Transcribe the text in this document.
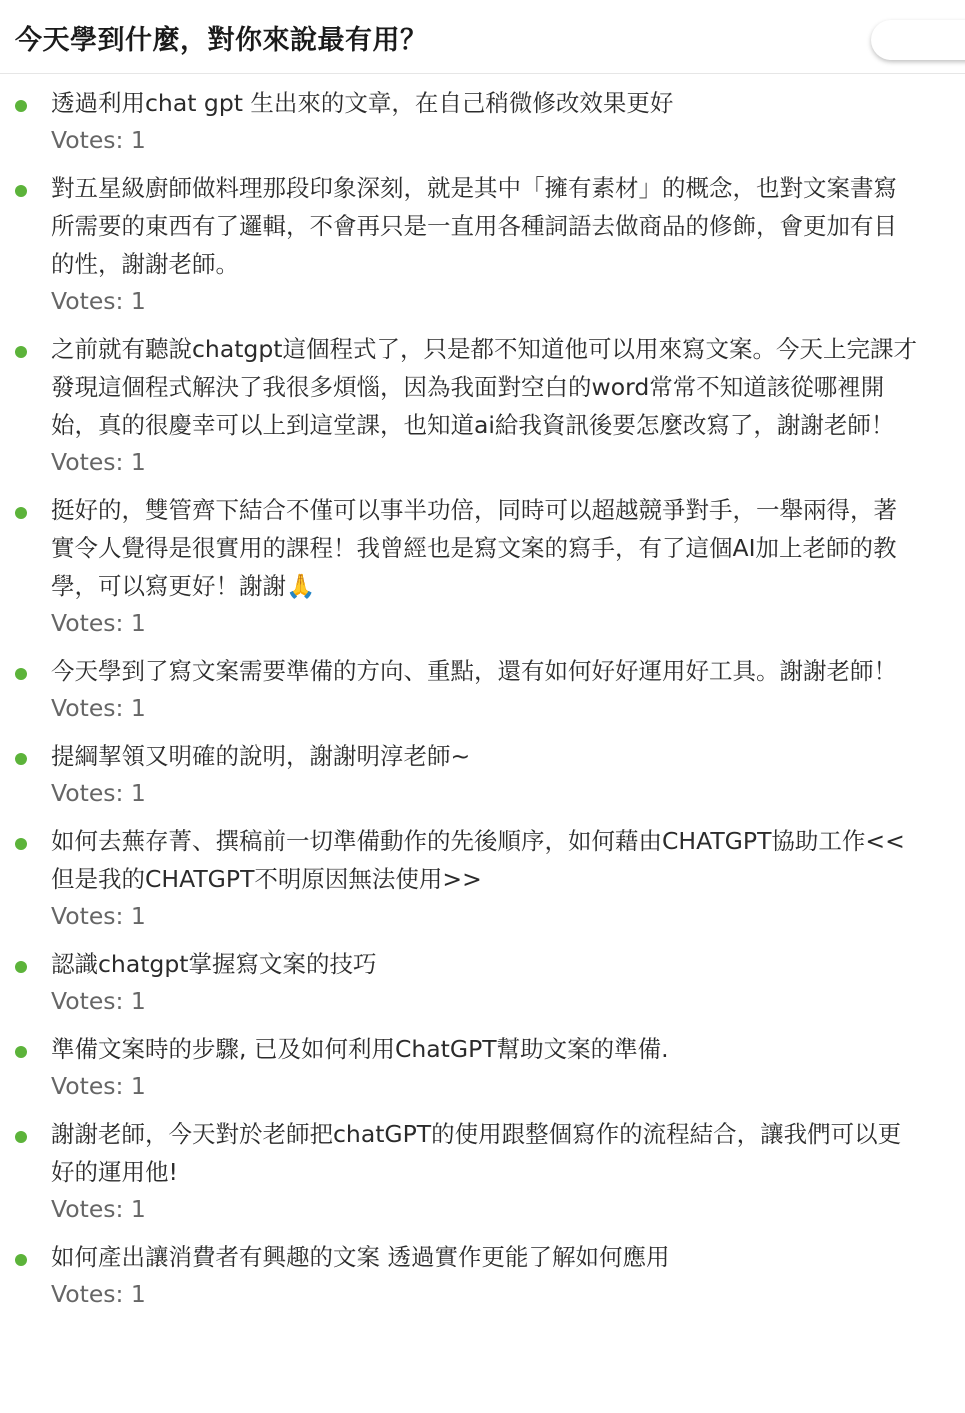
今天學到什麼，對你來說最有用？
透過利用chat gpt 生出來的文章，在自己稍微修改效果更好
Votes: 1
對五星級廚師做料理那段印象深刻，就是其中「擁有素材」的概念，也對文案書寫所需要的東西有了邏輯，不會再只是一直用各種詞語去做商品的修飾，會更加有目的性，謝謝老師。
Votes: 1
之前就有聽說chatgpt這個程式了，只是都不知道他可以用來寫文案。今天上完課才發現這個程式解決了我很多煩惱，因為我面對空白的word常常不知道該從哪裡開始，真的很慶幸可以上到這堂課，也知道ai給我資訊後要怎麼改寫了，謝謝老師！
Votes: 1
挺好的，雙管齊下結合不僅可以事半功倍，同時可以超越競爭對手，一舉兩得，著實令人覺得是很實用的課程！我曾經也是寫文案的寫手，有了這個AI加上老師的教學，可以寫更好！謝謝🙏
Votes: 1
今天學到了寫文案需要準備的方向、重點，還有如何好好運用好工具。謝謝老師！
Votes: 1
提綱挈領又明確的說明，謝謝明淳老師~
Votes: 1
如何去蕪存菁、撰稿前一切準備動作的先後順序，如何藉由CHATGPT協助工作<<但是我的CHATGPT不明原因無法使用>>
Votes: 1
認識chatgpt掌握寫文案的技巧
Votes: 1
準備文案時的步驟, 已及如何利用ChatGPT幫助文案的準備.
Votes: 1
謝謝老師，今天對於老師把chatGPT的使用跟整個寫作的流程結合，讓我們可以更好的運用他!
Votes: 1
如何產出讓消費者有興趣的文案 透過實作更能了解如何應用
Votes: 1
